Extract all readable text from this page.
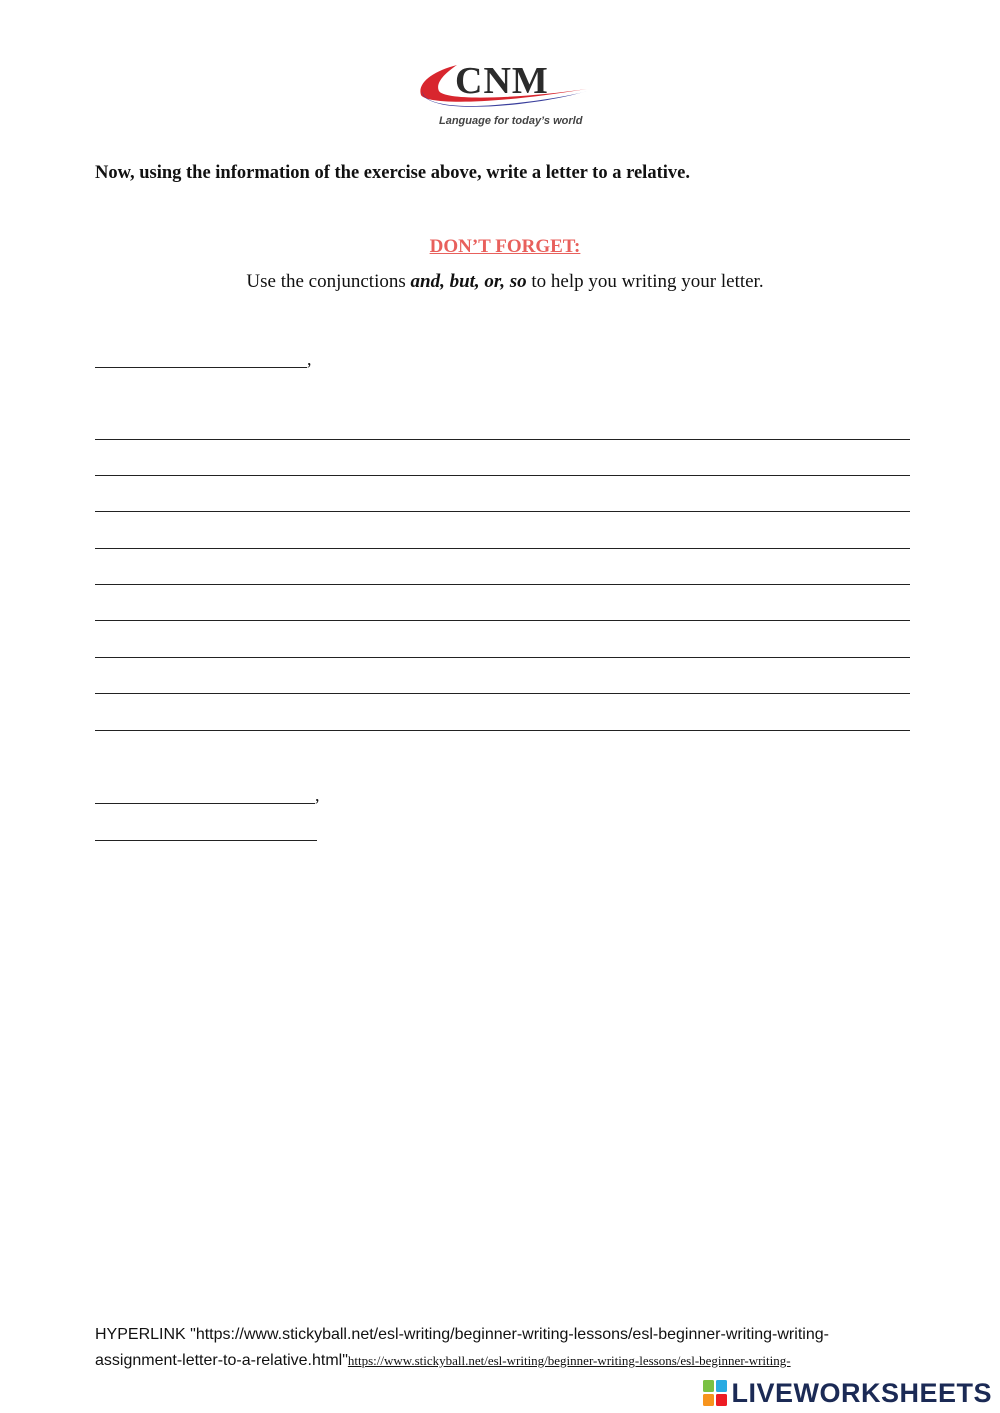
CNM
Language for today’s world
Now, using the information of the exercise above, write a letter to a relative.
DON’T FORGET:
Use the conjunctions and, but, or, so to help you writing your letter.
,
,
HYPERLINK "https://www.stickyball.net/esl-writing/beginner-writing-lessons/esl-beginner-writing-writing-assignment-letter-to-a-relative.html"https://www.stickyball.net/esl-writing/beginner-writing-lessons/esl-beginner-writing-
LIVEWORKSHEETS
